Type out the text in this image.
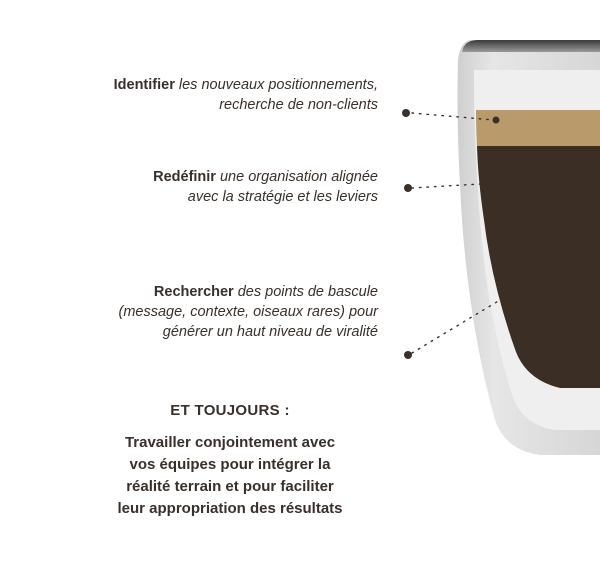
Identifier les nouveaux positionnements,
recherche de non-clients
Redéfinir une organisation alignée
avec la stratégie et les leviers
Rechercher des points de bascule
(message, contexte, oiseaux rares) pour
générer un haut niveau de viralité
ET TOUJOURS :
Travailler conjointement avec
vos équipes pour intégrer la
réalité terrain et pour faciliter
leur appropriation des résultats
